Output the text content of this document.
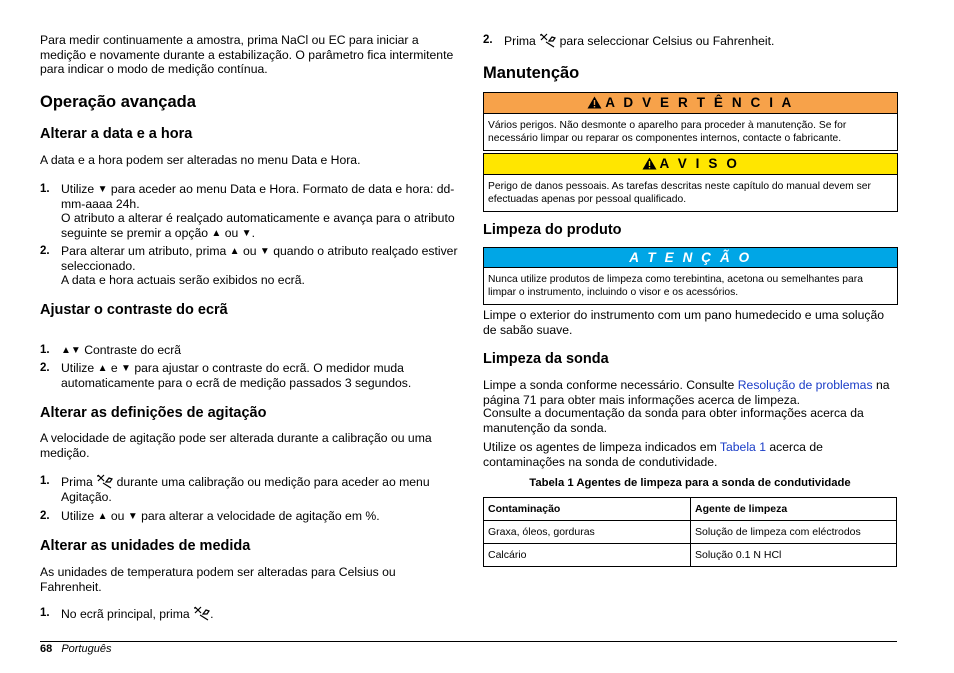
Para medir continuamente a amostra, prima NaCl ou EC para iniciar a medição e novamente durante a estabilização. O parâmetro fica intermitente para indicar o modo de medição contínua.

Operação avançada
Alterar a data e a hora

A data e a hora podem ser alteradas no menu Data e Hora.

1. Utilize ▼ para aceder ao menu Data e Hora. Formato de data e hora: dd-mm-aaaa 24h.
O atributo a alterar é realçado automaticamente e avança para o atributo seguinte se premir a opção ▲ ou ▼.
2. Para alterar um atributo, prima ▲ ou ▼ quando o atributo realçado estiver seleccionado.
A data e hora actuais serão exibidos no ecrã.
Ajustar o contraste do ecrã
1. ▲▼ Contraste do ecrã
2. Utilize ▲ e ▼ para ajustar o contraste do ecrã. O medidor muda automaticamente para o ecrã de medição passados 3 segundos.
Alterar as definições de agitação

A velocidade de agitação pode ser alterada durante a calibração ou uma medição.

1. Prima  durante uma calibração ou medição para aceder ao menu Agitação.
2. Utilize ▲ ou ▼ para alterar a velocidade de agitação em %.
Alterar as unidades de medida

As unidades de temperatura podem ser alteradas para Celsius ou Fahrenheit.

1. No ecrã principal, prima .
2. Prima  para seleccionar Celsius ou Fahrenheit.
Manutenção
A D V E R T Ê N C I A
Vários perigos. Não desmonte o aparelho para proceder à manutenção. Se for necessário limpar ou reparar os componentes internos, contacte o fabricante.
A V I S O
Perigo de danos pessoais. As tarefas descritas neste capítulo do manual devem ser efectuadas apenas por pessoal qualificado.
Limpeza do produto
A T E N Ç Ã O
Nunca utilize produtos de limpeza como terebintina, acetona ou semelhantes para limpar o instrumento, incluindo o visor e os acessórios.

Limpe o exterior do instrumento com um pano humedecido e uma solução de sabão suave.

Limpeza da sonda

Limpe a sonda conforme necessário. Consulte Resolução de problemas na página 71 para obter mais informações acerca de limpeza.

Consulte a documentação da sonda para obter informações acerca da manutenção da sonda.

Utilize os agentes de limpeza indicados em Tabela 1 acerca de contaminações na sonda de condutividade.

Tabela 1 Agentes de limpeza para a sonda de condutividade
Contaminação	Agente de limpeza
Graxa, óleos, gorduras	Solução de limpeza com eléctrodos
Calcário	Solução 0.1 N HCl
68 Português
